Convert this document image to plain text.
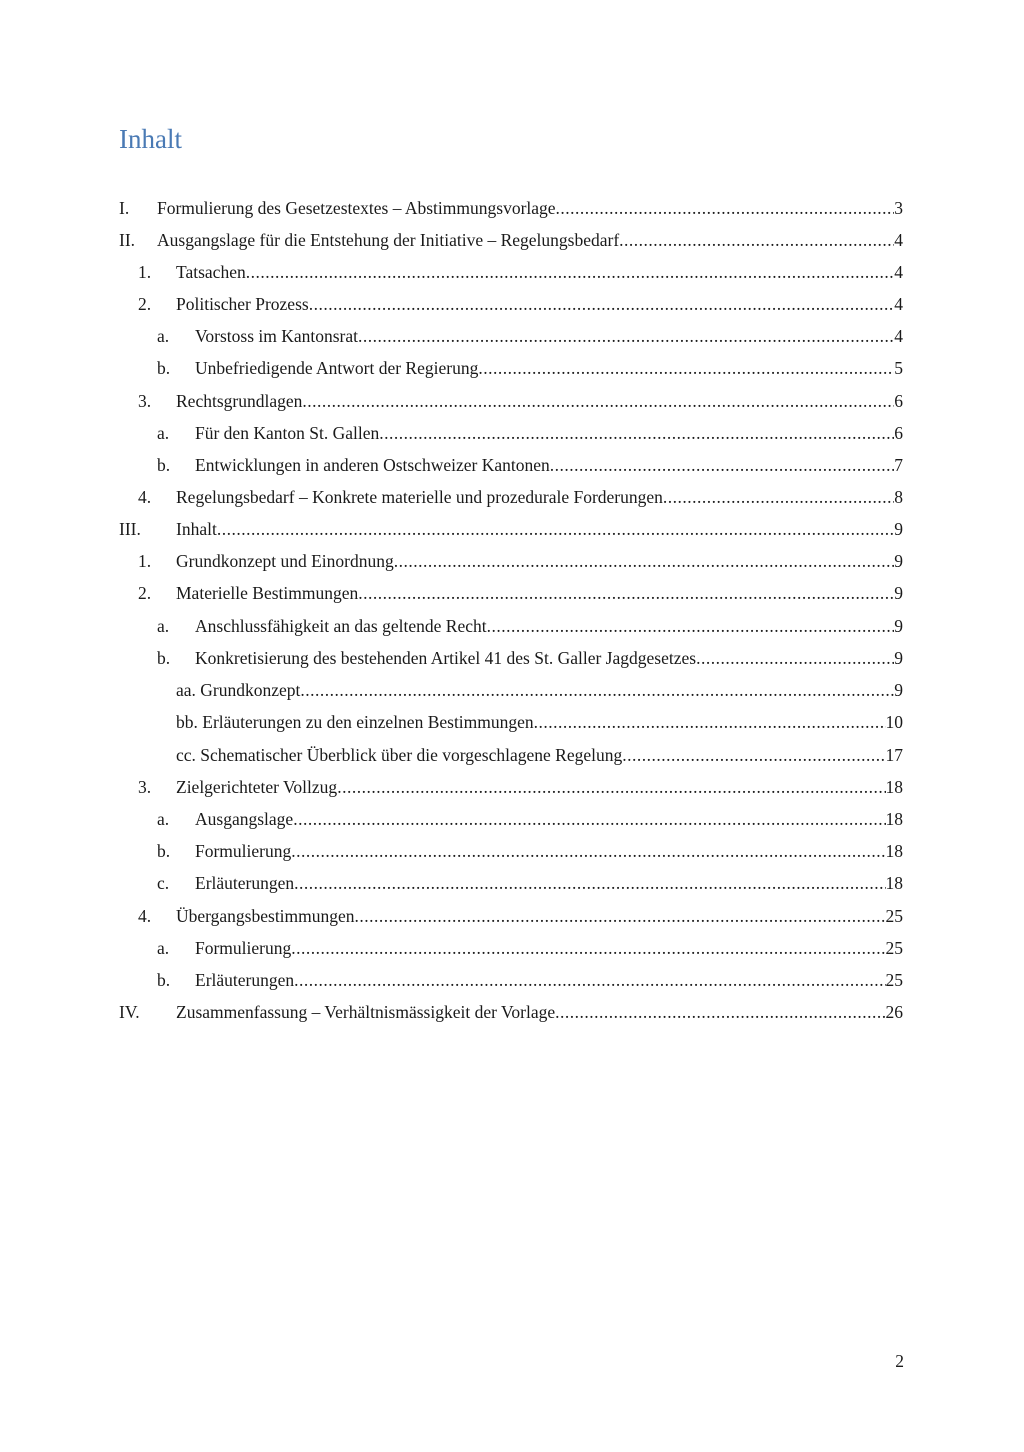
Inhalt
I. Formulierung des Gesetzestextes – Abstimmungsvorlage .....	3
II. Ausgangslage für die Entstehung der Initiative – Regelungsbedarf .....	4
1. Tatsachen .....	4
2. Politischer Prozess .....	4
a. Vorstoss im Kantonsrat .....	4
b. Unbefriedigende Antwort der Regierung .....	5
3. Rechtsgrundlagen .....	6
a. Für den Kanton St. Gallen .....	6
b. Entwicklungen in anderen Ostschweizer Kantonen .....	7
4. Regelungsbedarf – Konkrete materielle und prozedurale Forderungen .....	8
III. Inhalt .....	9
1. Grundkonzept und Einordnung .....	9
2. Materielle Bestimmungen .....	9
a. Anschlussfähigkeit an das geltende Recht .....	9
b. Konkretisierung des bestehenden Artikel 41 des St. Galler Jagdgesetzes .....	9
aa. Grundkonzept .....	9
bb. Erläuterungen zu den einzelnen Bestimmungen .....	10
cc. Schematischer Überblick über die vorgeschlagene Regelung .....	17
3. Zielgerichteter Vollzug .....	18
a. Ausgangslage .....	18
b. Formulierung .....	18
c. Erläuterungen .....	18
4. Übergangsbestimmungen .....	25
a. Formulierung .....	25
b. Erläuterungen .....	25
IV. Zusammenfassung – Verhältnismässigkeit der Vorlage .....	26
2
